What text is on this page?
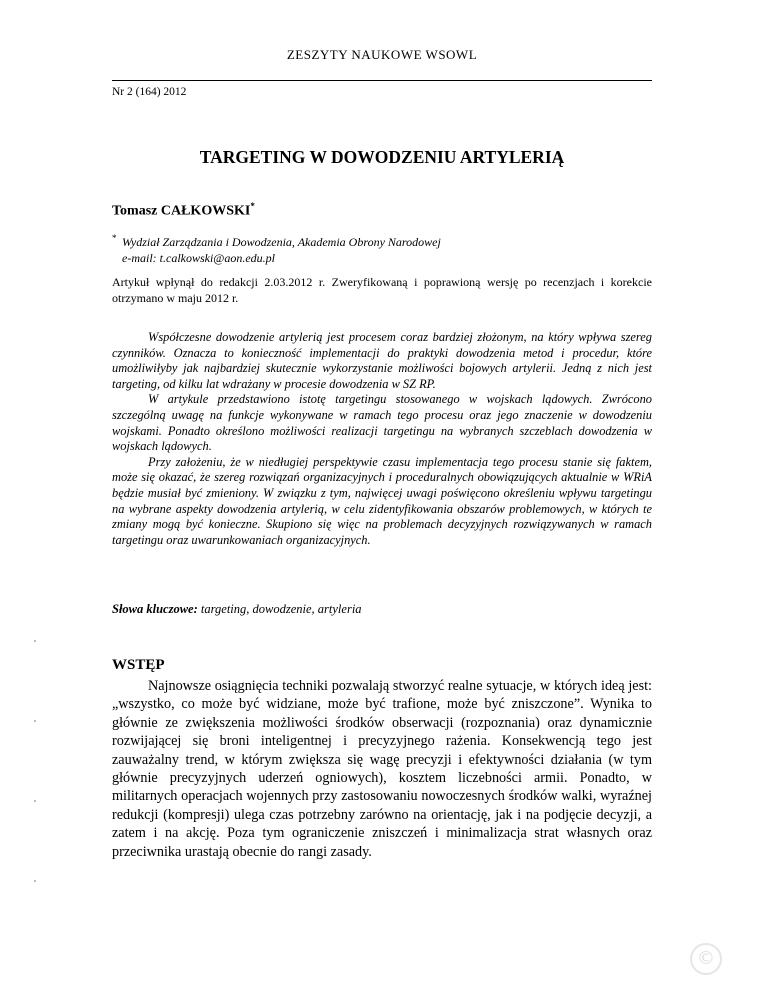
ZESZYTY NAUKOWE WSOWL
Nr 2 (164) 2012
TARGETING W DOWODZENIU ARTYLERIĄ
Tomasz CAŁKOWSKI*
* Wydział Zarządzania i Dowodzenia, Akademia Obrony Narodowej
e-mail: t.calkowski@aon.edu.pl
Artykuł wpłynął do redakcji 2.03.2012 r. Zweryfikowaną i poprawioną wersję po recenzjach i korekcie otrzymano w maju 2012 r.

Współczesne dowodzenie artylerią jest procesem coraz bardziej złożonym, na który wpływa szereg czynników. Oznacza to konieczność implementacji do praktyki dowodzenia metod i procedur, które umożliwiłyby jak najbardziej skutecznie wykorzystanie możliwości bojowych artylerii. Jedną z nich jest targeting, od kilku lat wdrażany w procesie dowodzenia w SZ RP.

W artykule przedstawiono istotę targetingu stosowanego w wojskach lądowych. Zwrócono szczególną uwagę na funkcje wykonywane w ramach tego procesu oraz jego znaczenie w dowodzeniu wojskami. Ponadto określono możliwości realizacji targetingu na wybranych szczeblach dowodzenia w wojskach lądowych.

Przy założeniu, że w niedługiej perspektywie czasu implementacja tego procesu stanie się faktem, może się okazać, że szereg rozwiązań organizacyjnych i proceduralnych obowiązujących aktualnie w WRiA będzie musiał być zmieniony. W związku z tym, najwięcej uwagi poświęcono określeniu wpływu targetingu na wybrane aspekty dowodzenia artylerią, w celu zidentyfikowania obszarów problemowych, w których te zmiany mogą być konieczne. Skupiono się więc na problemach decyzyjnych rozwiązywanych w ramach targetingu oraz uwarunkowaniach organizacyjnych.

Słowa kluczowe: targeting, dowodzenie, artyleria
WSTĘP

Najnowsze osiągnięcia techniki pozwalają stworzyć realne sytuacje, w których ideą jest: „wszystko, co może być widziane, może być trafione, może być zniszczone”. Wynika to głównie ze zwiększenia możliwości środków obserwacji (rozpoznania) oraz dynamicznie rozwijającej się broni inteligentnej i precyzyjnego rażenia. Konsekwencją tego jest zauważalny trend, w którym zwiększa się wagę precyzji i efektywności działania (w tym głównie precyzyjnych uderzeń ogniowych), kosztem liczebności armii. Ponadto, w militarnych operacjach wojennych przy zastosowaniu nowoczesnych środków walki, wyraźnej redukcji (kompresji) ulega czas potrzebny zarówno na orientację, jak i na podjęcie decyzji, a zatem i na akcję. Poza tym ograniczenie zniszczeń i minimalizacja strat własnych oraz przeciwnika urastają obecnie do rangi zasady.

©
